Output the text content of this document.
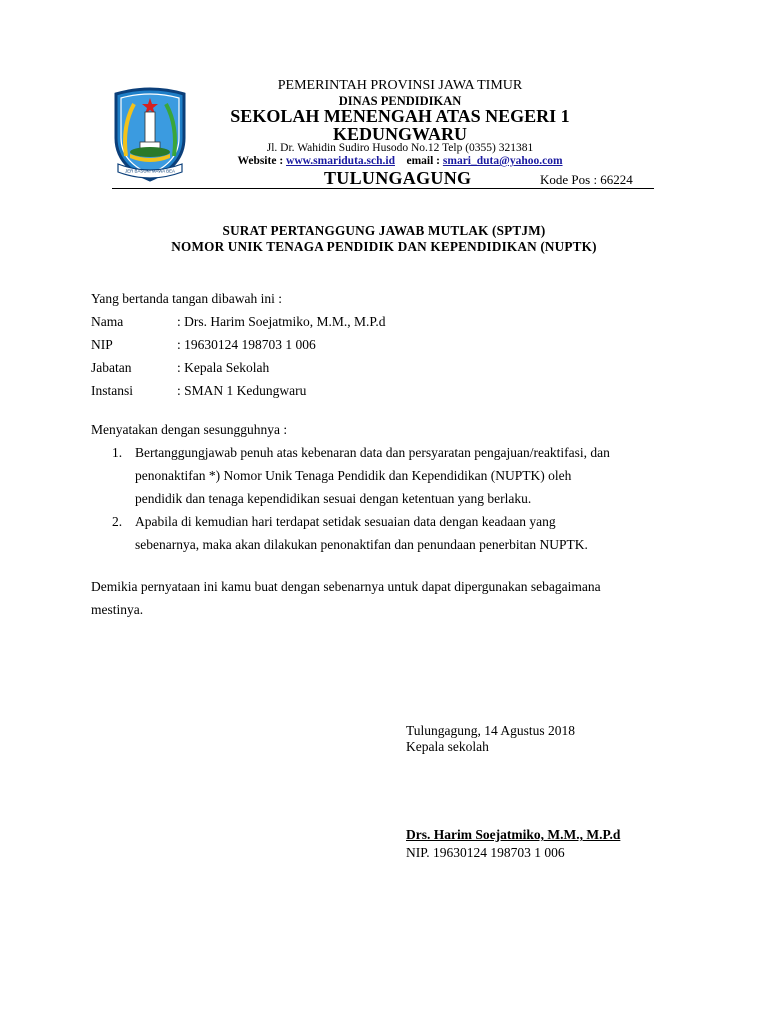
JER BASUKI MAWA BEA
PEMERINTAH PROVINSI JAWA TIMUR
DINAS PENDIDIKAN
SEKOLAH MENENGAH ATAS NEGERI 1
KEDUNGWARU
Jl. Dr. Wahidin Sudiro Husodo No.12 Telp (0355) 321381
Website : www.smariduta.sch.id email : smari_duta@yahoo.com
TULUNGAGUNG	Kode Pos : 66224
SURAT PERTANGGUNG JAWAB MUTLAK (SPTJM)
NOMOR UNIK TENAGA PENDIDIK DAN KEPENDIDIKAN (NUPTK)
Yang bertanda tangan dibawah ini :
Nama	: Drs. Harim Soejatmiko, M.M., M.P.d
NIP	: 19630124 198703 1 006
Jabatan	: Kepala Sekolah
Instansi	: SMAN 1 Kedungwaru
Menyatakan dengan sesungguhnya :
1. Bertanggungjawab penuh atas kebenaran data dan persyaratan pengajuan/reaktifasi, dan
penonaktifan *) Nomor Unik Tenaga Pendidik dan Kependidikan (NUPTK) oleh
pendidik dan tenaga kependidikan sesuai dengan ketentuan yang berlaku.
2. Apabila di kemudian hari terdapat setidak sesuaian data dengan keadaan yang
sebenarnya, maka akan dilakukan penonaktifan dan penundaan penerbitan NUPTK.
Demikia pernyataan ini kamu buat dengan sebenarnya untuk dapat dipergunakan sebagaimana
mestinya.
Tulungagung, 14 Agustus 2018
Kepala sekolah
Drs. Harim Soejatmiko, M.M., M.P.d
NIP. 19630124 198703 1 006
